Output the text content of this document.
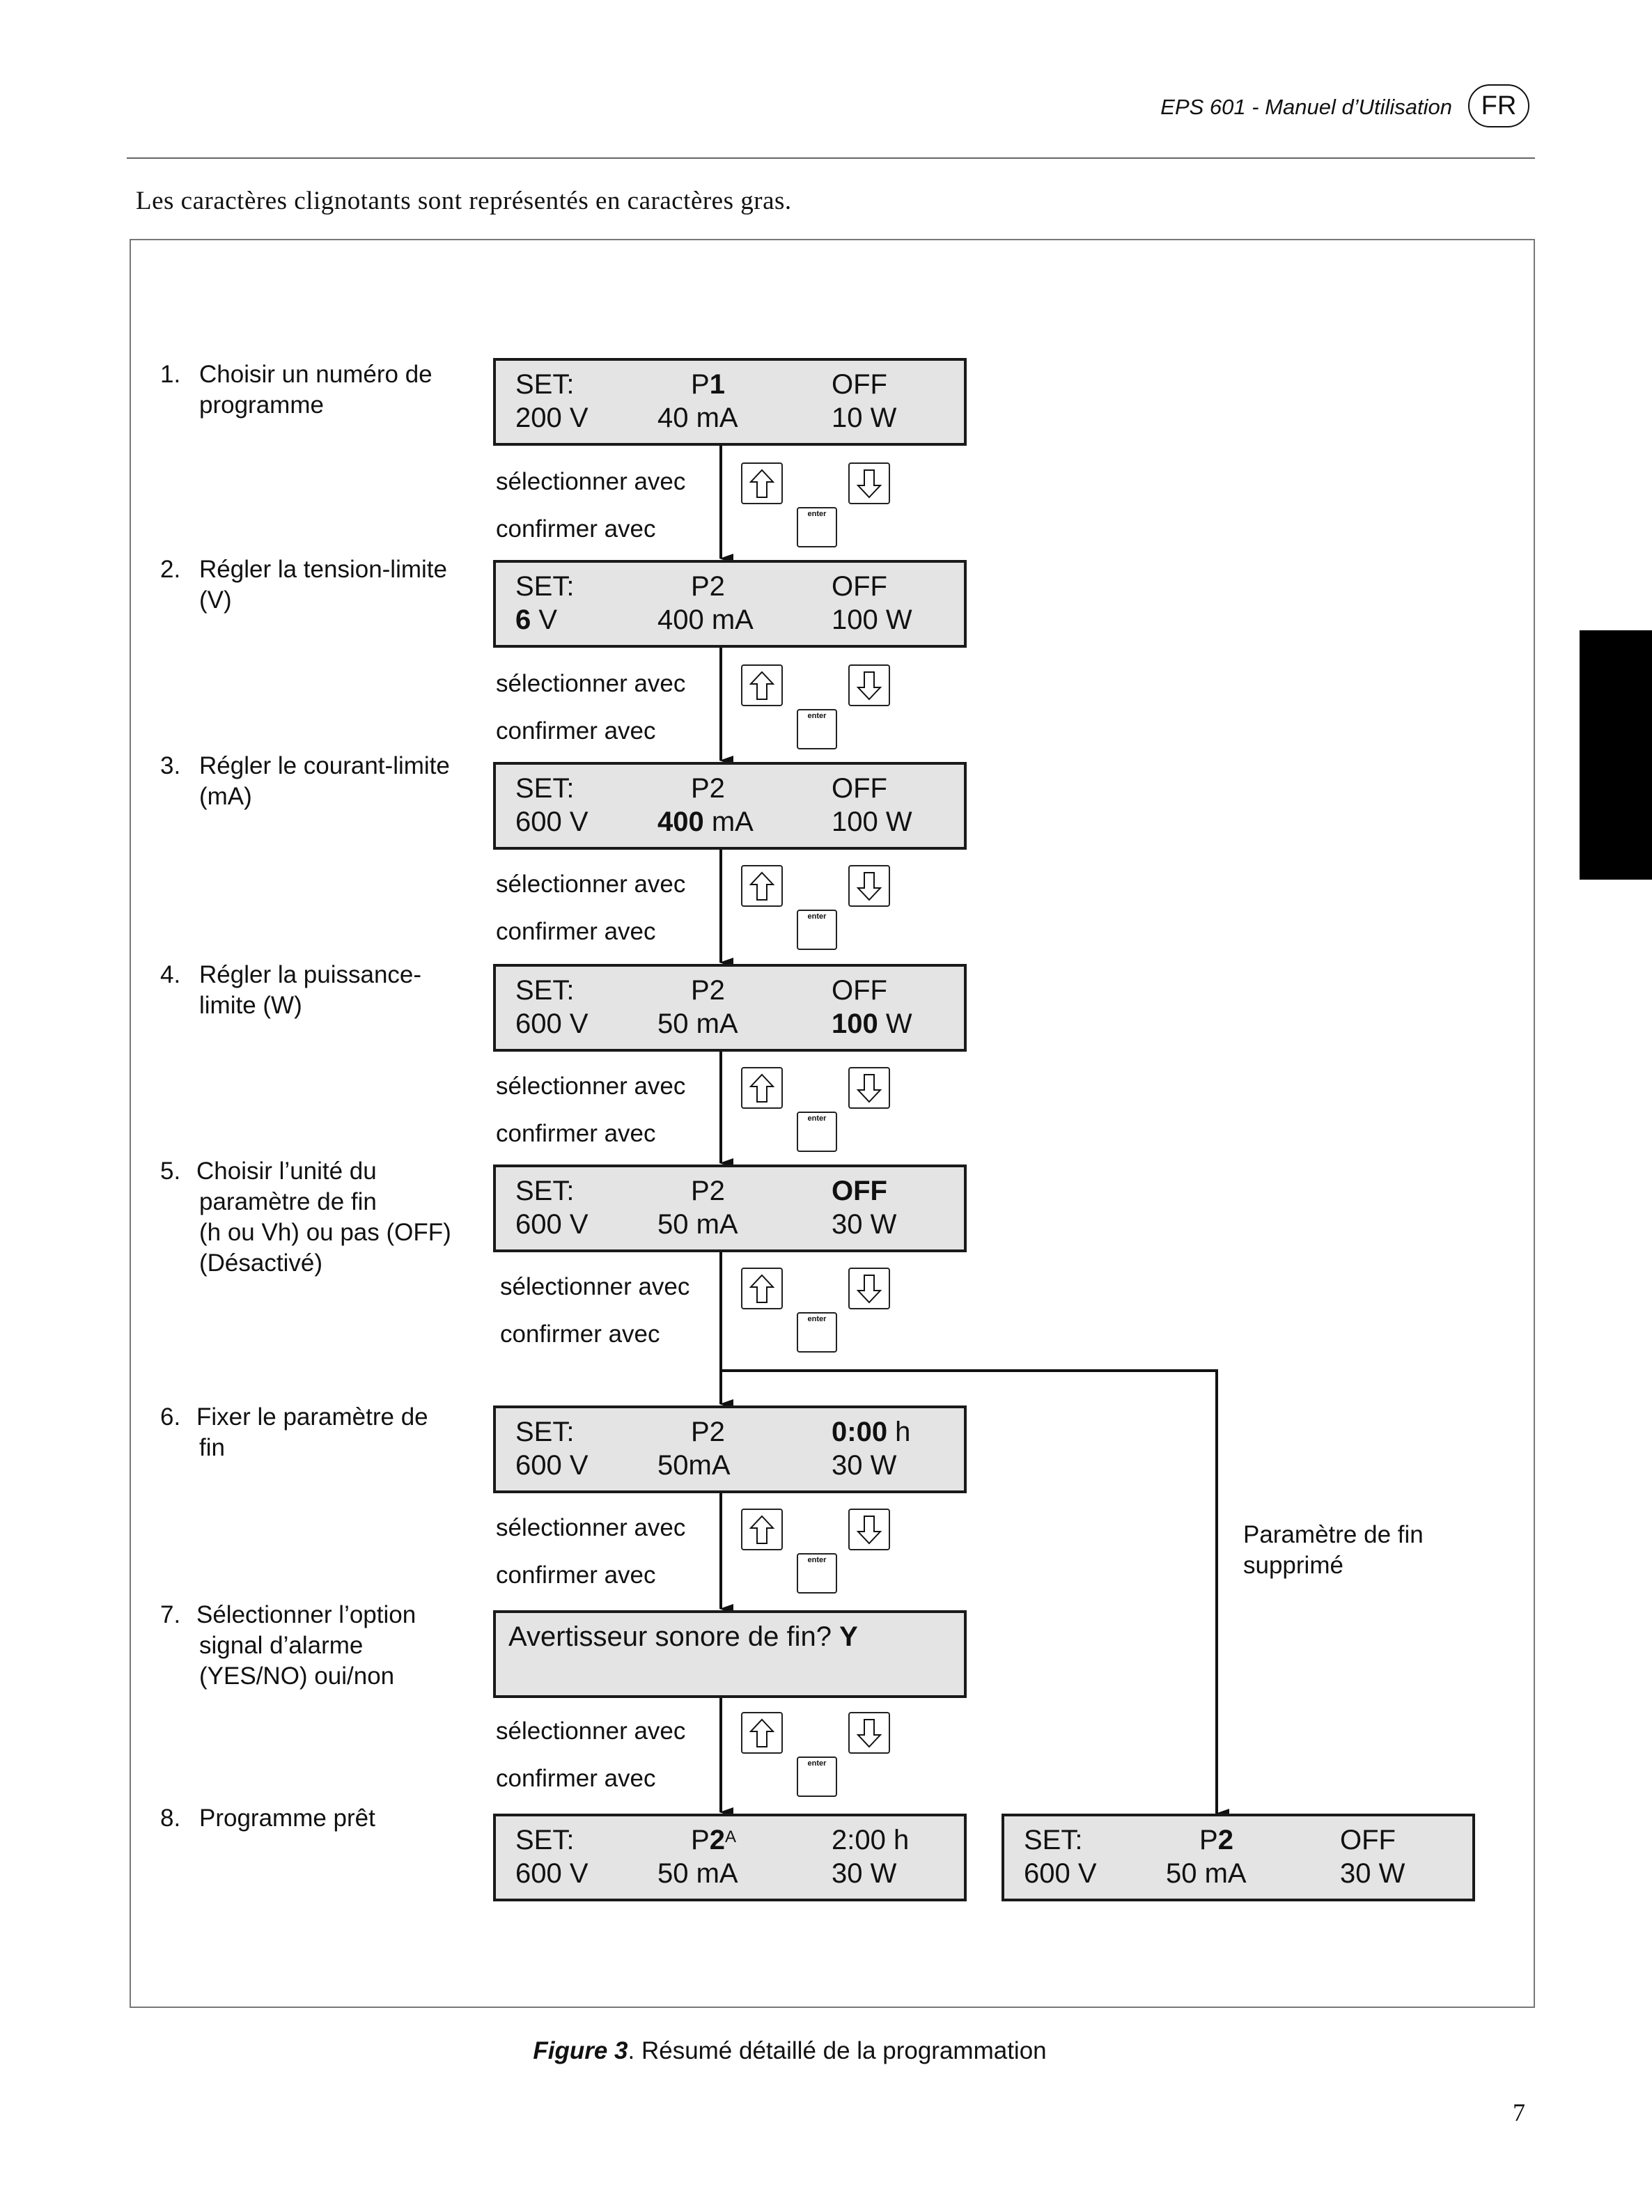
EPS 601 - Manuel d’Utilisation	FR
Les caractères clignotants sont représentés en caractères gras.
1. Choisir un numéro de
programme
2. Régler la tension-limite
(V)
3. Régler le courant-limite
(mA)
4. Régler la puissance-
limite (W)
5. Choisir l’unité du
paramètre de fin
(h ou Vh) ou pas (OFF)
(Désactivé)
6. Fixer le paramètre de
fin
7. Sélectionner l’option
signal d’alarme
(YES/NO) oui/non
8. Programme prêt
SET:	P1	OFF
200 V 40 mA	10 W
SET:	P2	OFF
6 V	400 mA	100 W
SET:	P2	OFF
600 V 400 mA	100 W
SET:	P2	OFF
600 V 50 mA	100 W
SET:	P2	OFF
600 V 50 mA	30 W
SET:	P2	0:00 h
600 V 50mA	30 W
Avertisseur sonore de fin? Y
SET:	$P2^A$	2:00 h
600 V 50 mA	30 W
SET:	P2	OFF
600 V 50 mA	30 W
sélectionner avec
confirmer avec
enter
sélectionner avec
confirmer avec
enter
sélectionner avec
confirmer avec
enter
sélectionner avec
confirmer avec
enter
sélectionner avec
confirmer avec
enter
sélectionner avec
confirmer avec
enter
sélectionner avec
confirmer avec
enter
Paramètre de fin
supprimé
Figure 3. Résumé détaillé de la programmation
7
